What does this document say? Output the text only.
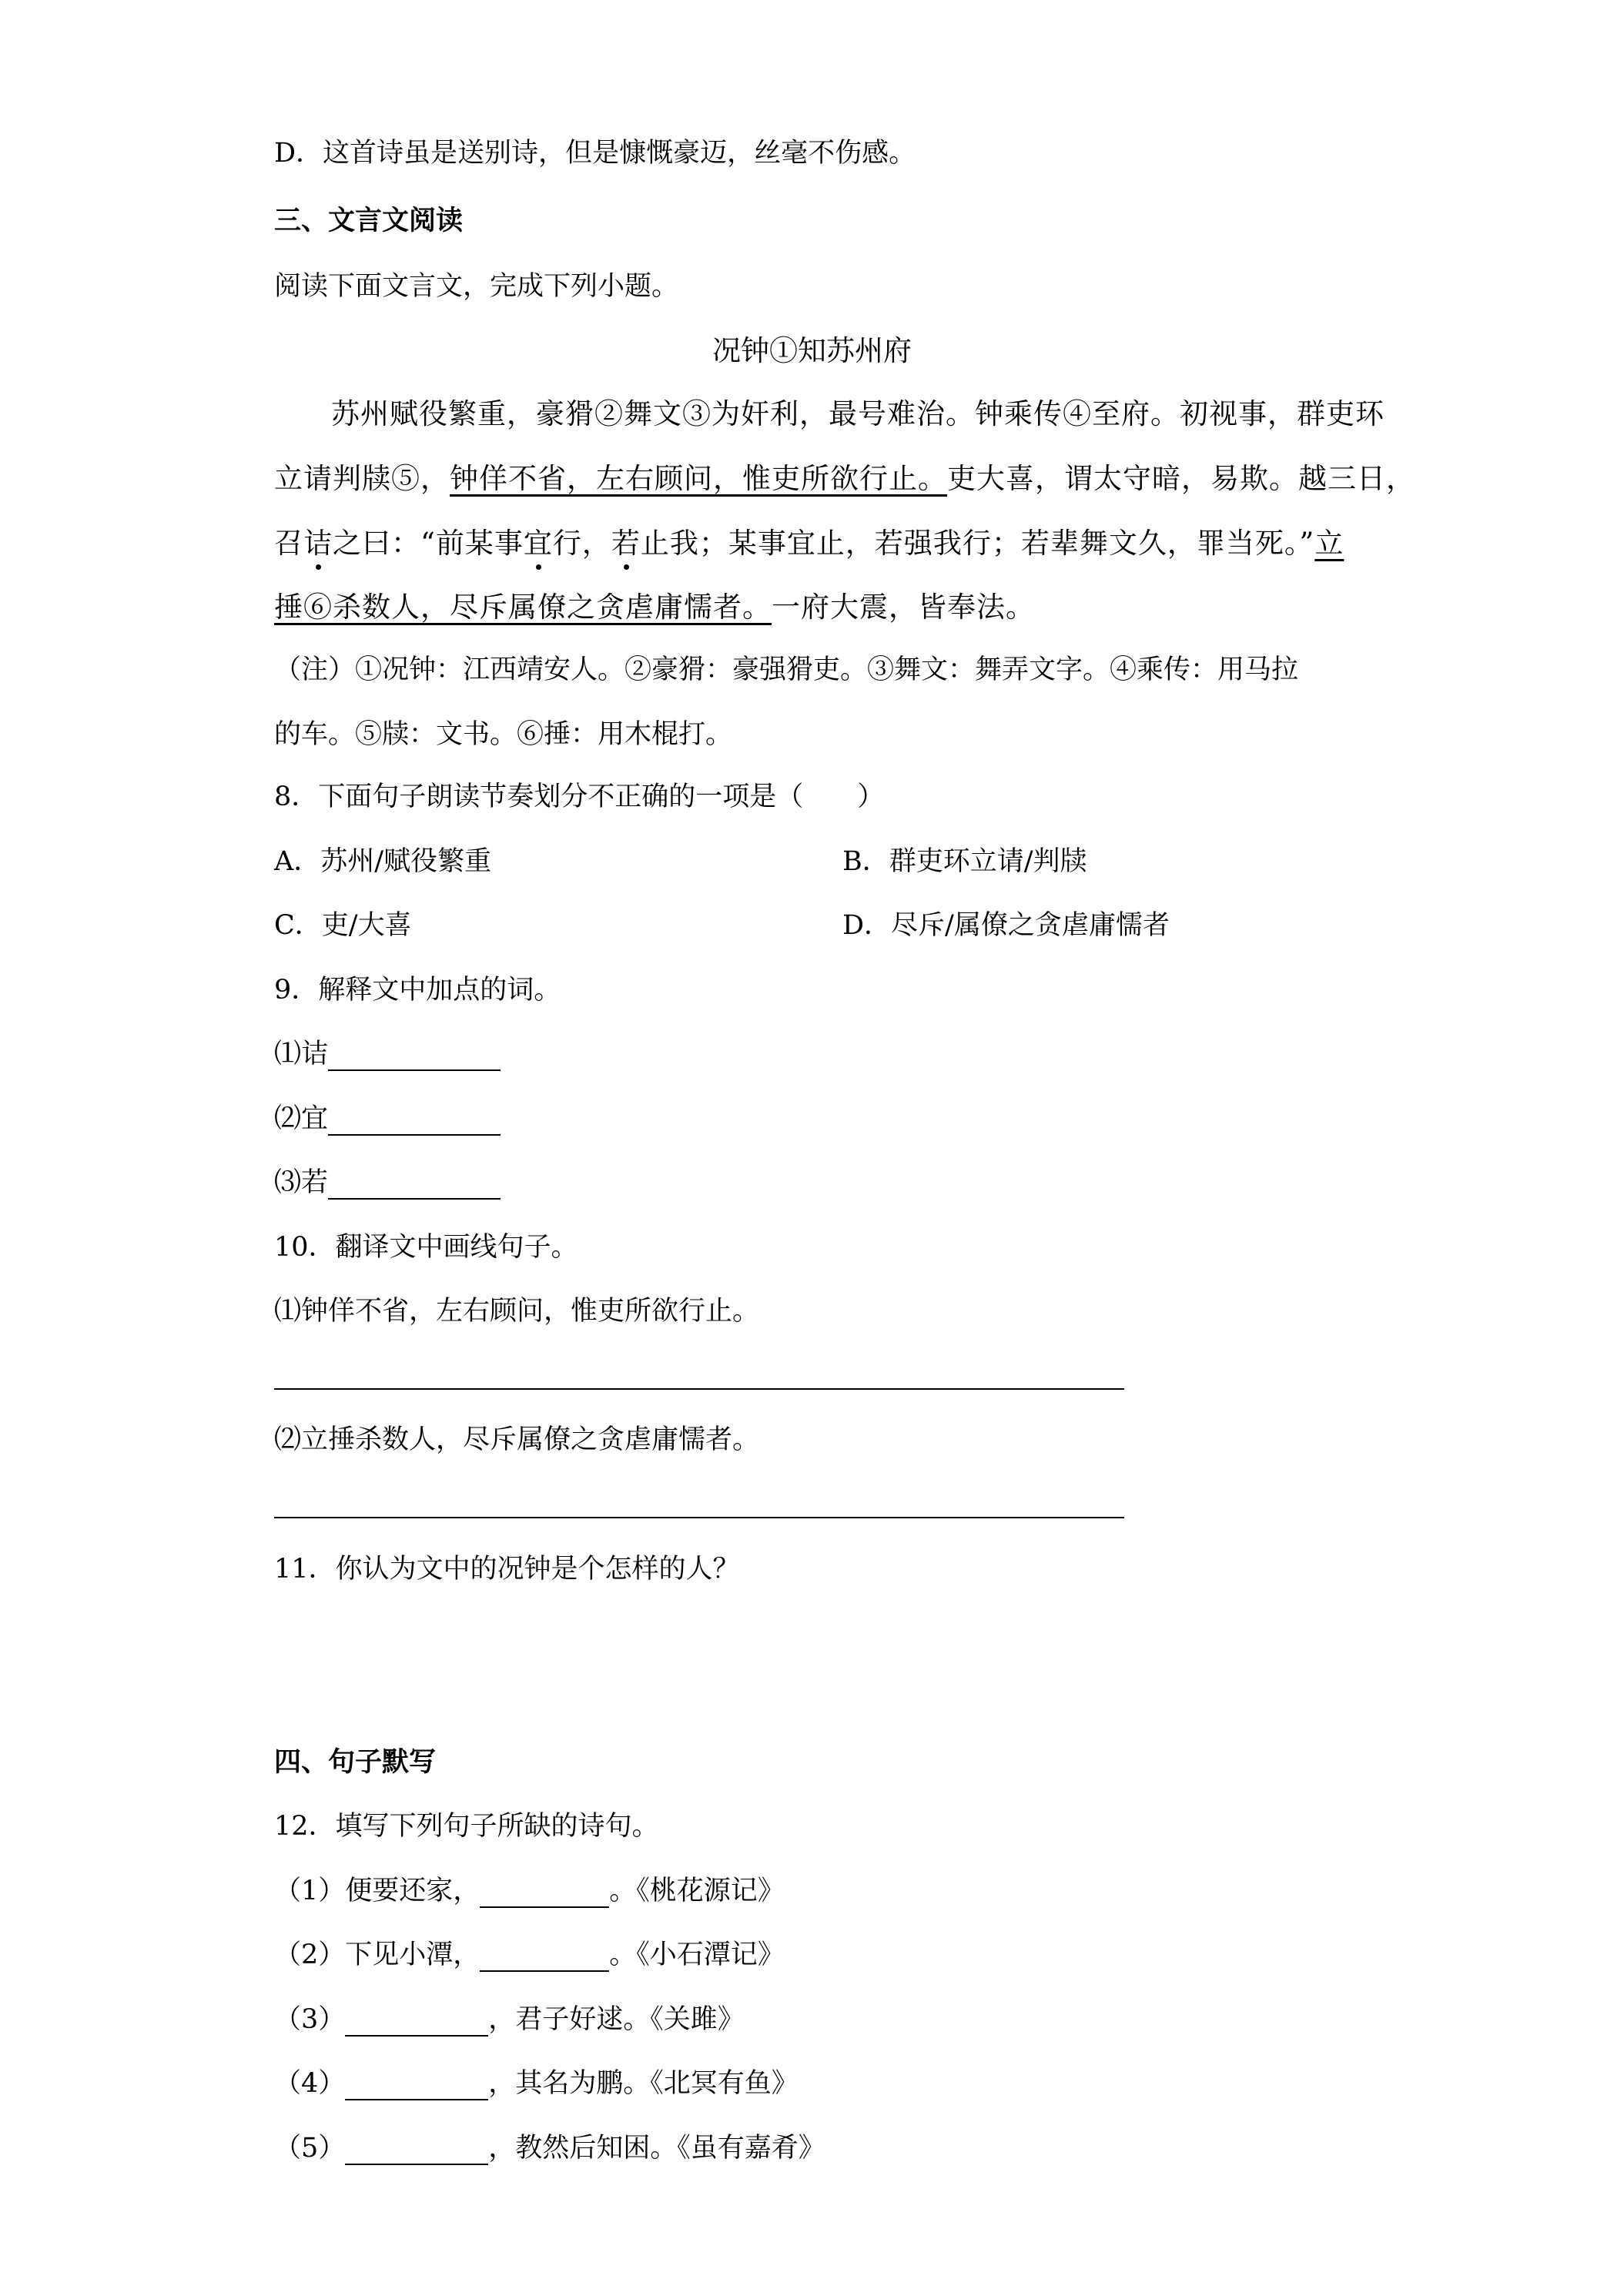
D．这首诗虽是送别诗，但是慷慨豪迈，丝毫不伤感。
三、文言文阅读
阅读下面文言文，完成下列小题。
况钟①知苏州府
苏州赋役繁重，豪猾②舞文③为奸利，最号难治。钟乘传④至府。初视事，群吏环
立请判牍⑤，钟佯不省，左右顾问，惟吏所欲行止。吏大喜，谓太守暗，易欺。越三日，
召诘之曰：“前某事宜行，若止我；某事宜止，若强我行；若辈舞文久，罪当死。”立
捶⑥杀数人，尽斥属僚之贪虐庸懦者。一府大震，皆奉法。
（注）①况钟：江西靖安人。②豪猾：豪强猾吏。③舞文：舞弄文字。④乘传：用马拉
的车。⑤牍：文书。⑥捶：用木棍打。
8．下面句子朗读节奏划分不正确的一项是（　　）
A．苏州/赋役繁重	B．群吏环立请/判牍
C．吏/大喜	D．尽斥/属僚之贪虐庸懦者
9．解释文中加点的词。
⑴诘
⑵宜
⑶若
10．翻译文中画线句子。
⑴钟佯不省，左右顾问，惟吏所欲行止。
⑵立捶杀数人，尽斥属僚之贪虐庸懦者。
11．你认为文中的况钟是个怎样的人？
四、句子默写
12．填写下列句子所缺的诗句。
（1）便要还家，	。《桃花源记》
（2）下见小潭，	。《小石潭记》
（3）	，君子好逑。《关雎》
（4）	，其名为鹏。《北冥有鱼》
（5）	，教然后知困。《虽有嘉肴》
